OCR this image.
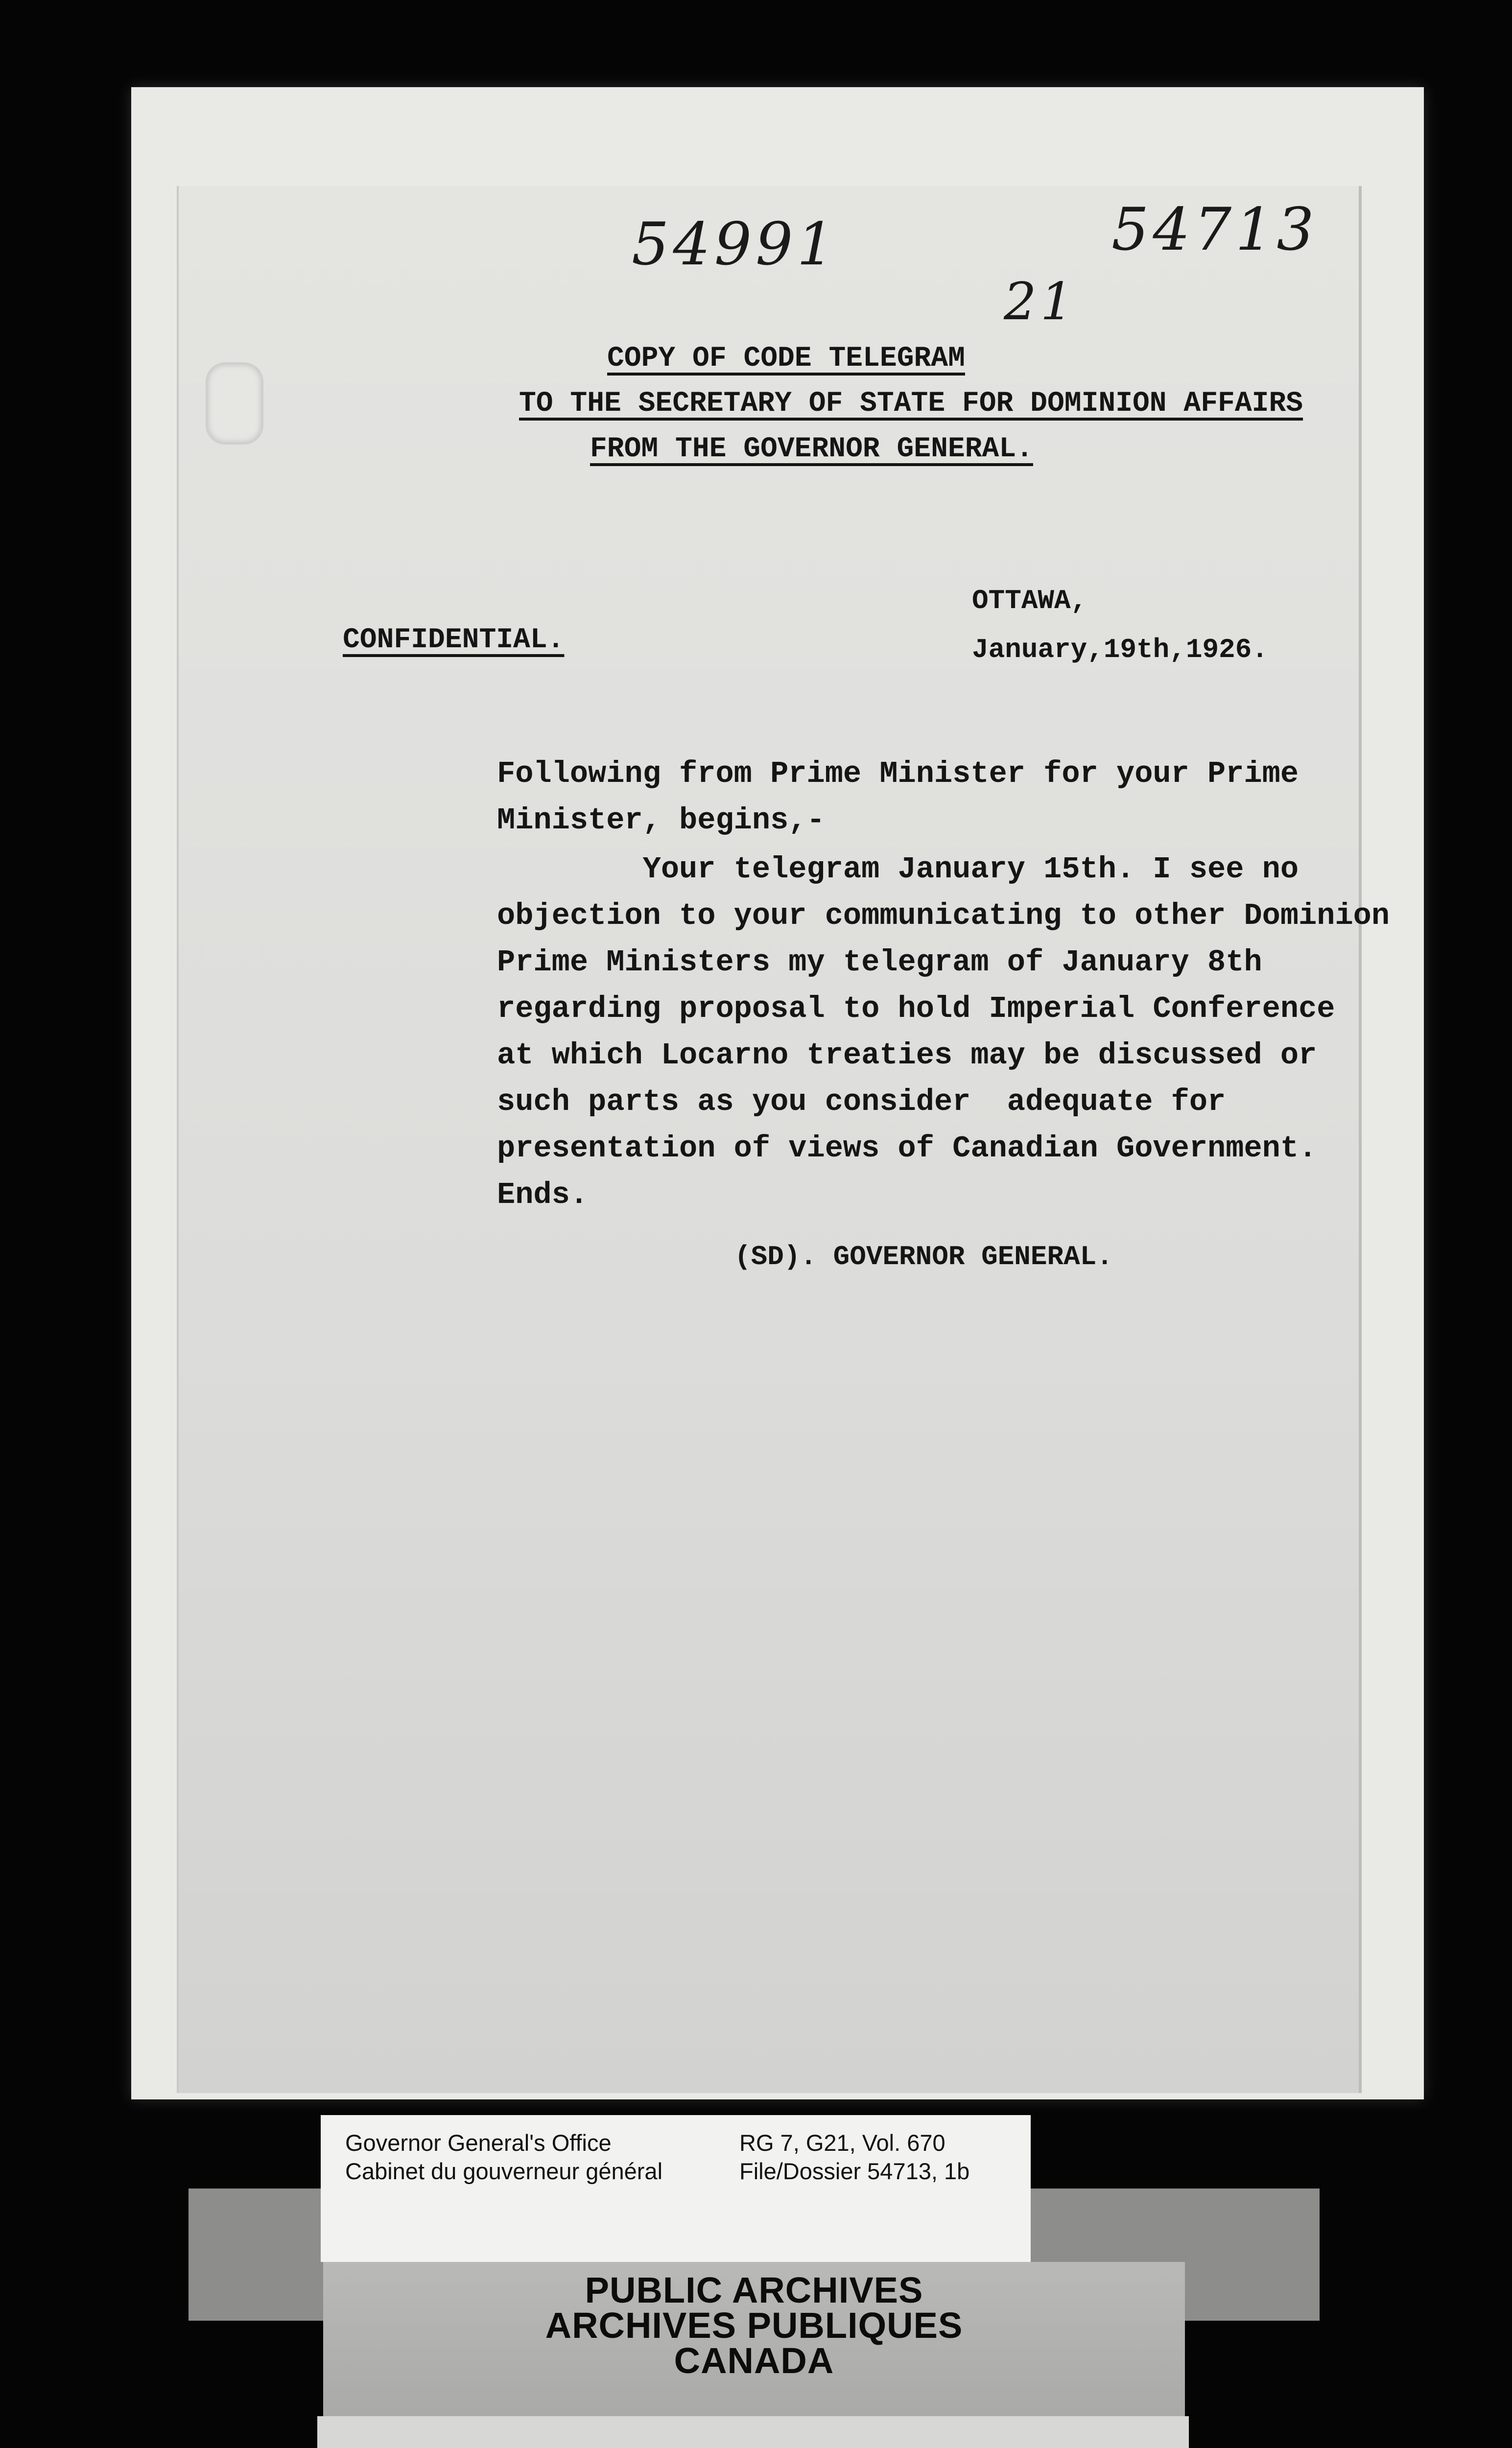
54991	54713
21
COPY OF CODE TELEGRAM
TO THE SECRETARY OF STATE FOR DOMINION AFFAIRS
FROM THE GOVERNOR GENERAL.
OTTAWA,
CONFIDENTIAL.	January,19th,1926.
Following from Prime Minister for your Prime
Minister, begins,-
Your telegram January 15th. I see no
objection to your communicating to other Dominion
Prime Ministers my telegram of January 8th
regarding proposal to hold Imperial Conference
at which Locarno treaties may be discussed or
such parts as you consider  adequate for
presentation of views of Canadian Government.
Ends.
(SD). GOVERNOR GENERAL.
Governor General's Office
Cabinet du gouverneur général
RG 7, G21, Vol. 670
File/Dossier 54713, 1b
PUBLIC ARCHIVES
ARCHIVES PUBLIQUES
CANADA
